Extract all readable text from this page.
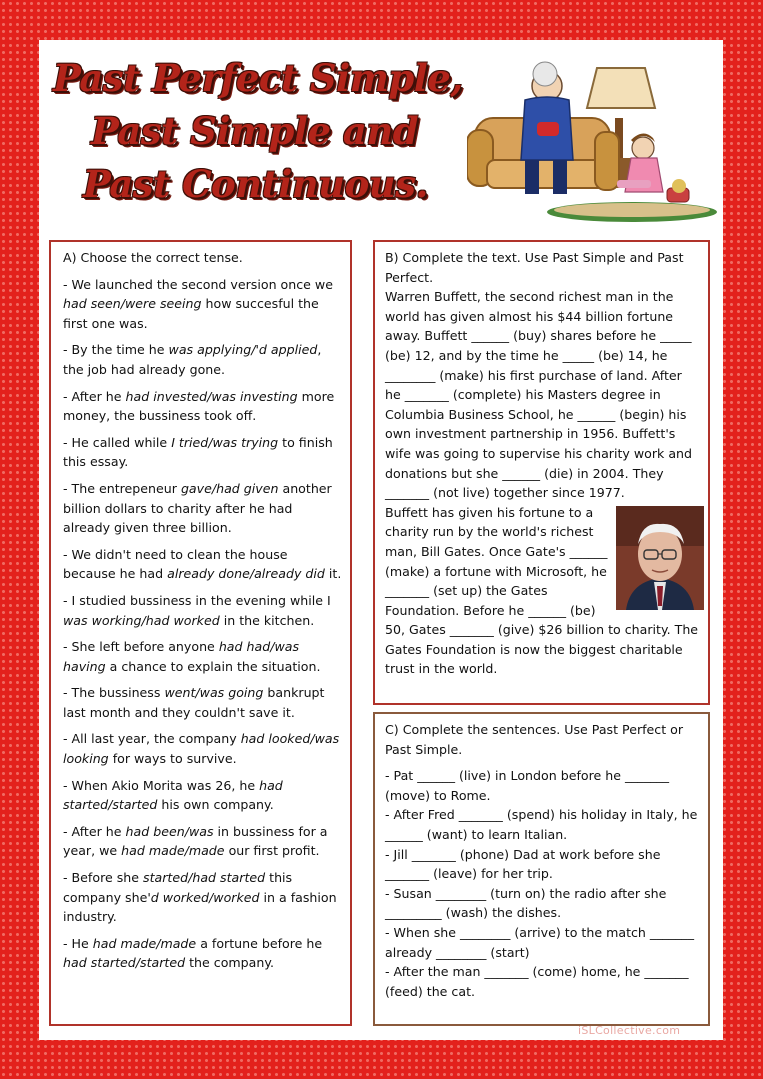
Past Perfect Simple,
Past Simple and
Past Continuous.
A) Choose the correct tense.
- We launched the second version once we had seen/were seeing how succesful the first one was.
- By the time he was applying/'d applied, the job had already gone.
- After he had invested/was investing more money, the bussiness took off.
- He called while I tried/was trying to finish this essay.
- The entrepeneur gave/had given another billion dollars to charity after he had already given three billion.
- We didn't need to clean the house because he had already done/already did it.
- I studied bussiness in the evening while I was working/had worked in the kitchen.
- She left before anyone had had/was having a chance to explain the situation.
- The bussiness went/was going bankrupt last month and they couldn't save it.
- All last year, the company had looked/was looking for ways to survive.
- When Akio Morita was 26, he had started/started his own company.
- After he had been/was in bussiness for a year, we had made/made our first profit.
- Before she started/had started this company she'd worked/worked in a fashion industry.
- He had made/made a fortune before he had started/started the company.
B) Complete the text. Use Past Simple and Past Perfect.
Warren Buffett, the second richest man in the world has given almost his $44 billion fortune away. Buffett ______ (buy) shares before he _____ (be) 12, and by the time he _____ (be) 14, he ________ (make) his first purchase of land. After he _______ (complete) his Masters degree in Columbia Business School, he ______ (begin) his own investment partnership in 1956. Buffett's wife was going to supervise his charity work and donations but she ______ (die) in 2004. They _______ (not live) together since 1977.
Buffett has given his fortune to a charity run by the world's richest man, Bill Gates. Once Gate's ______ (make) a fortune with Microsoft, he _______ (set up) the Gates Foundation. Before he ______ (be) 50, Gates _______ (give) $26 billion to charity. The Gates Foundation is now the biggest charitable trust in the world.
C) Complete the sentences. Use Past Perfect or Past Simple.
- Pat ______ (live) in London before he _______ (move) to Rome.
- After Fred _______ (spend) his holiday in Italy, he ______ (want) to learn Italian.
- Jill _______ (phone) Dad at work before she _______ (leave) for her trip.
- Susan ________ (turn on) the radio after she _________ (wash) the dishes.
- When she ________ (arrive) to the match _______ already ________ (start)
- After the man _______ (come) home, he _______ (feed) the cat.
iSLCollective.com
